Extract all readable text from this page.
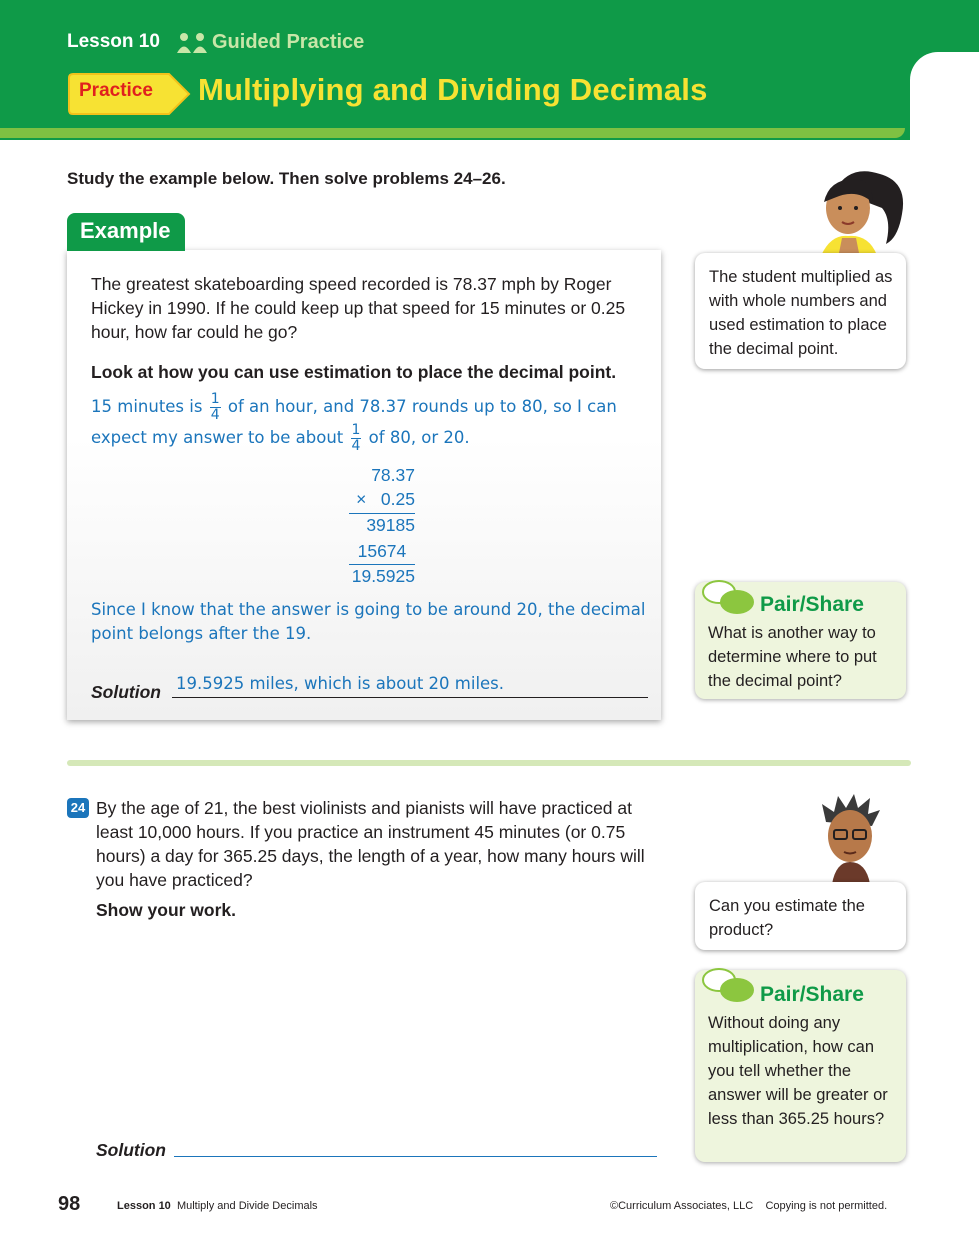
Lesson 10	Guided Practice
Practice Multiplying and Dividing Decimals
Study the example below. Then solve problems 24–26.
Example
The greatest skateboarding speed recorded is 78.37 mph by Roger Hickey in 1990. If he could keep up that speed for 15 minutes or 0.25 hour, how far could he go?
Look at how you can use estimation to place the decimal point.
15 minutes is $\frac{1}{4}$ of an hour, and 78.37 rounds up to 80, so I can
expect my answer to be about $\frac{1}{4}$ of 80, or 20.
78.37
×   0.25
39185
15674
19.5925
Since I know that the answer is going to be around 20, the decimal point belongs after the 19.
Solution 19.5925 miles, which is about 20 miles.
The student multiplied as with whole numbers and used estimation to place the decimal point.
Pair/Share
What is another way to determine where to put the decimal point?
24 By the age of 21, the best violinists and pianists will have practiced at least 10,000 hours. If you practice an instrument 45 minutes (or 0.75 hours) a day for 365.25 days, the length of a year, how many hours will you have practiced?
Show your work.
Solution
Can you estimate the product?
Pair/Share
Without doing any multiplication, how can you tell whether the answer will be greater or less than 365.25 hours?
98	Lesson 10 Multiply and Divide Decimals	©Curriculum Associates, LLC Copying is not permitted.
